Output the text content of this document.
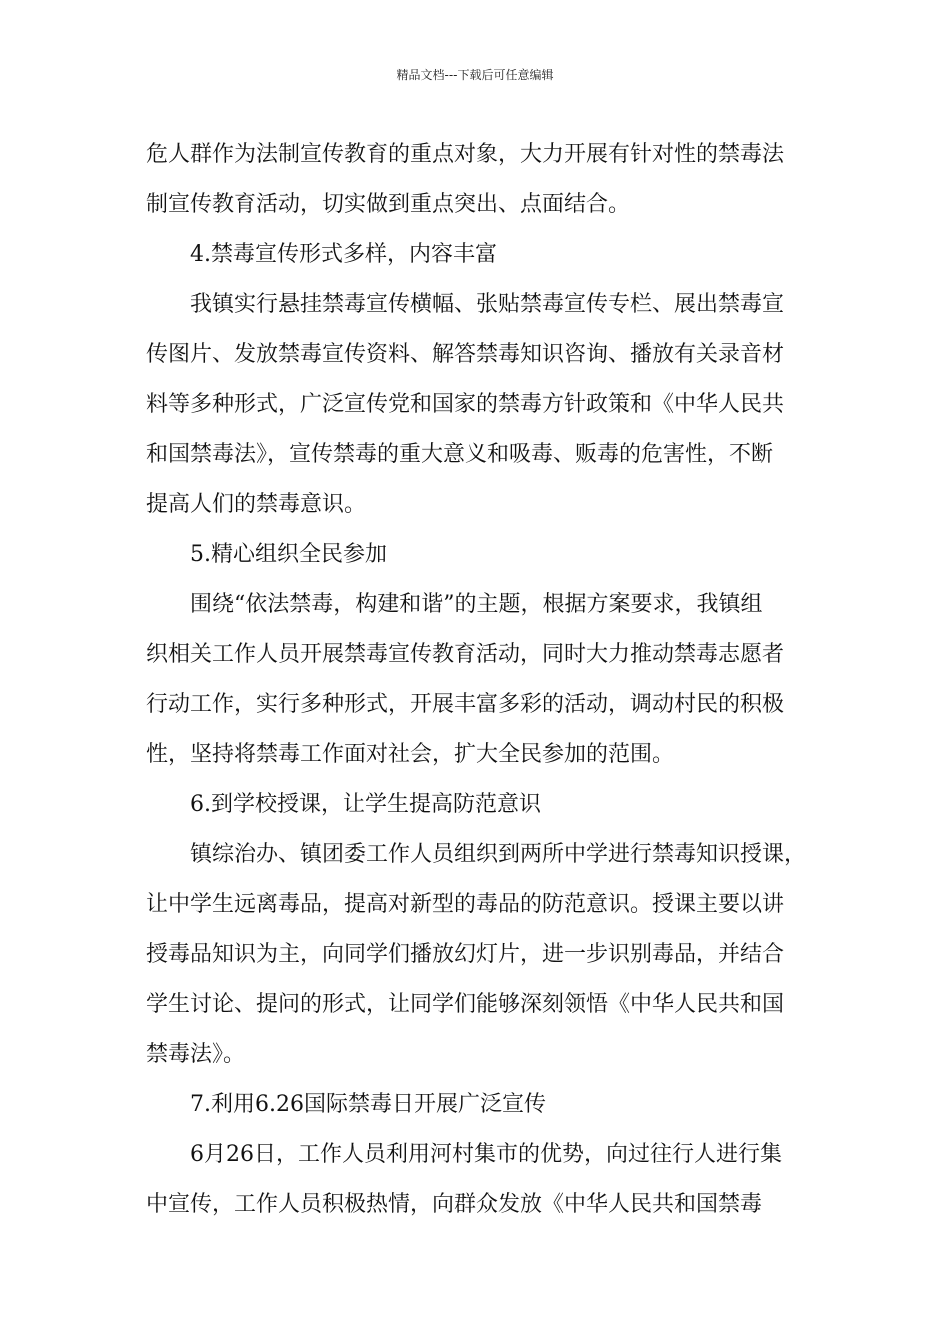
精品文档---下载后可任意编辑
危人群作为法制宣传教育的重点对象，大力开展有针对性的禁毒法
制宣传教育活动，切实做到重点突出、点面结合。
4.禁毒宣传形式多样，内容丰富
我镇实行悬挂禁毒宣传横幅、张贴禁毒宣传专栏、展出禁毒宣
传图片、发放禁毒宣传资料、解答禁毒知识咨询、播放有关录音材
料等多种形式，广泛宣传党和国家的禁毒方针政策和《中华人民共
和国禁毒法》，宣传禁毒的重大意义和吸毒、贩毒的危害性，不断
提高人们的禁毒意识。
5.精心组织全民参加
围绕“依法禁毒，构建和谐”的主题，根据方案要求，我镇组
织相关工作人员开展禁毒宣传教育活动，同时大力推动禁毒志愿者
行动工作，实行多种形式，开展丰富多彩的活动，调动村民的积极
性，坚持将禁毒工作面对社会，扩大全民参加的范围。
6.到学校授课，让学生提高防范意识
镇综治办、镇团委工作人员组织到两所中学进行禁毒知识授课，
让中学生远离毒品，提高对新型的毒品的防范意识。授课主要以讲
授毒品知识为主，向同学们播放幻灯片，进一步识别毒品，并结合
学生讨论、提问的形式，让同学们能够深刻领悟《中华人民共和国
禁毒法》。
7.利用6.26国际禁毒日开展广泛宣传
6月26日，工作人员利用河村集市的优势，向过往行人进行集
中宣传，工作人员积极热情，向群众发放《中华人民共和国禁毒
